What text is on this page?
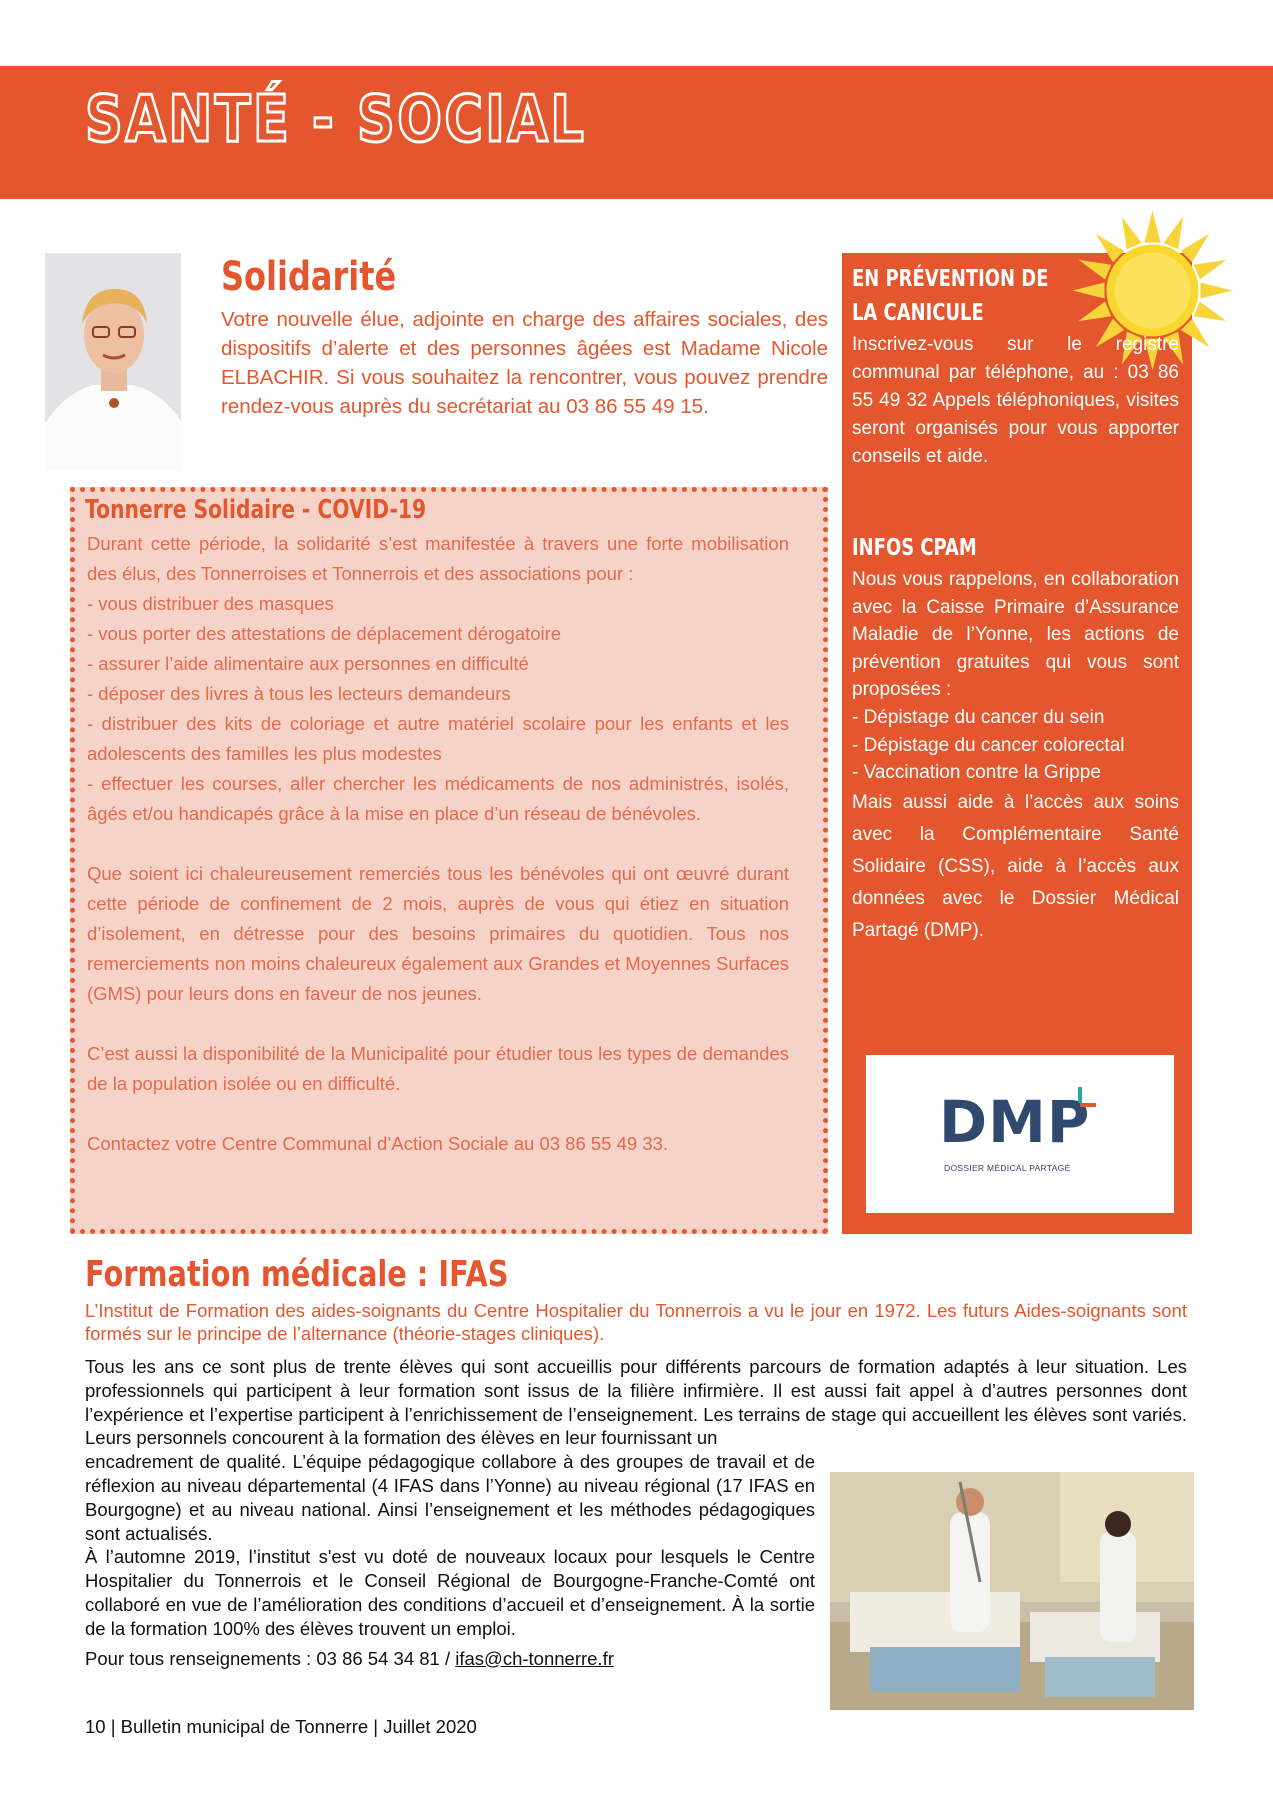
SANTÉ - SOCIAL
Solidarité
Votre nouvelle élue, adjointe en charge des affaires sociales, des dispositifs d’alerte et des personnes âgées est Madame Nicole ELBACHIR. Si vous souhaitez la rencontrer, vous pouvez prendre rendez-vous auprès du secrétariat au 03 86 55 49 15.
Tonnerre Solidaire - COVID-19

Durant cette période, la solidarité s’est manifestée à travers une forte mobilisation des élus, des Tonnerroises et Tonnerrois et des associations pour :
- vous distribuer des masques
- vous porter des attestations de déplacement dérogatoire
- assurer l’aide alimentaire aux personnes en difficulté
- déposer des livres à tous les lecteurs demandeurs
- distribuer des kits de coloriage et autre matériel scolaire pour les enfants et les adolescents des familles les plus modestes
- effectuer les courses, aller chercher les médicaments de nos administrés, isolés, âgés et/ou handicapés grâce à la mise en place d’un réseau de bénévoles.

Que soient ici chaleureusement remerciés tous les bénévoles qui ont œuvré durant cette période de confinement de 2 mois, auprès de vous qui étiez en situation d’isolement, en détresse pour des besoins primaires du quotidien. Tous nos remerciements non moins chaleureux également aux Grandes et Moyennes Surfaces (GMS) pour leurs dons en faveur de nos jeunes.

C’est aussi la disponibilité de la Municipalité pour étudier tous les types de demandes de la population isolée ou en difficulté.

Contactez votre Centre Communal d’Action Sociale au 03 86 55 49 33.

EN PRÉVENTION DE
LA CANICULE
Inscrivez-vous sur le registre communal par téléphone, au : 03 86 55 49 32 Appels téléphoniques, visites seront organisés pour vous apporter conseils et aide.
INFOS CPAM

Nous vous rappelons, en collaboration avec la Caisse Primaire d’Assurance Maladie de l’Yonne, les actions de prévention gratuites qui vous sont proposées :

- Dépistage du cancer du sein

- Dépistage du cancer colorectal

- Vaccination contre la Grippe

Mais aussi aide à l’accès aux soins avec la Complémentaire Santé Solidaire (CSS), aide à l’accès aux données avec le Dossier Médical Partagé (DMP).

DMP
DOSSIER MÉDICAL PARTAGÉ
Formation médicale : IFAS
L’Institut de Formation des aides-soignants du Centre Hospitalier du Tonnerrois a vu le jour en 1972. Les futurs Aides-soignants sont formés sur le principe de l’alternance (théorie-stages cliniques).

Tous les ans ce sont plus de trente élèves qui sont accueillis pour différents parcours de formation adaptés à leur situation. Les professionnels qui participent à leur formation sont issus de la filière infirmière. Il est aussi fait appel à d’autres personnes dont l’expérience et l’expertise participent à l’enrichissement de l’enseignement. Les terrains de stage qui accueillent les élèves sont variés. Leurs personnels concourent à la formation des élèves en leur fournissant un

encadrement de qualité. L’équipe pédagogique collabore à des groupes de travail et de réflexion au niveau départemental (4 IFAS dans l’Yonne) au niveau régional (17 IFAS en Bourgogne) et au niveau national. Ainsi l’enseignement et les méthodes pédagogiques sont actualisés.

À l’automne 2019, l’institut s'est vu doté de nouveaux locaux pour lesquels le Centre Hospitalier du Tonnerrois et le Conseil Régional de Bourgogne-Franche-Comté ont collaboré en vue de l’amélioration des conditions d’accueil et d’enseignement. À la sortie de la formation 100% des élèves trouvent un emploi.

Pour tous renseignements : 03 86 54 34 81 / ifas@ch-tonnerre.fr

10 | Bulletin municipal de Tonnerre | Juillet 2020
